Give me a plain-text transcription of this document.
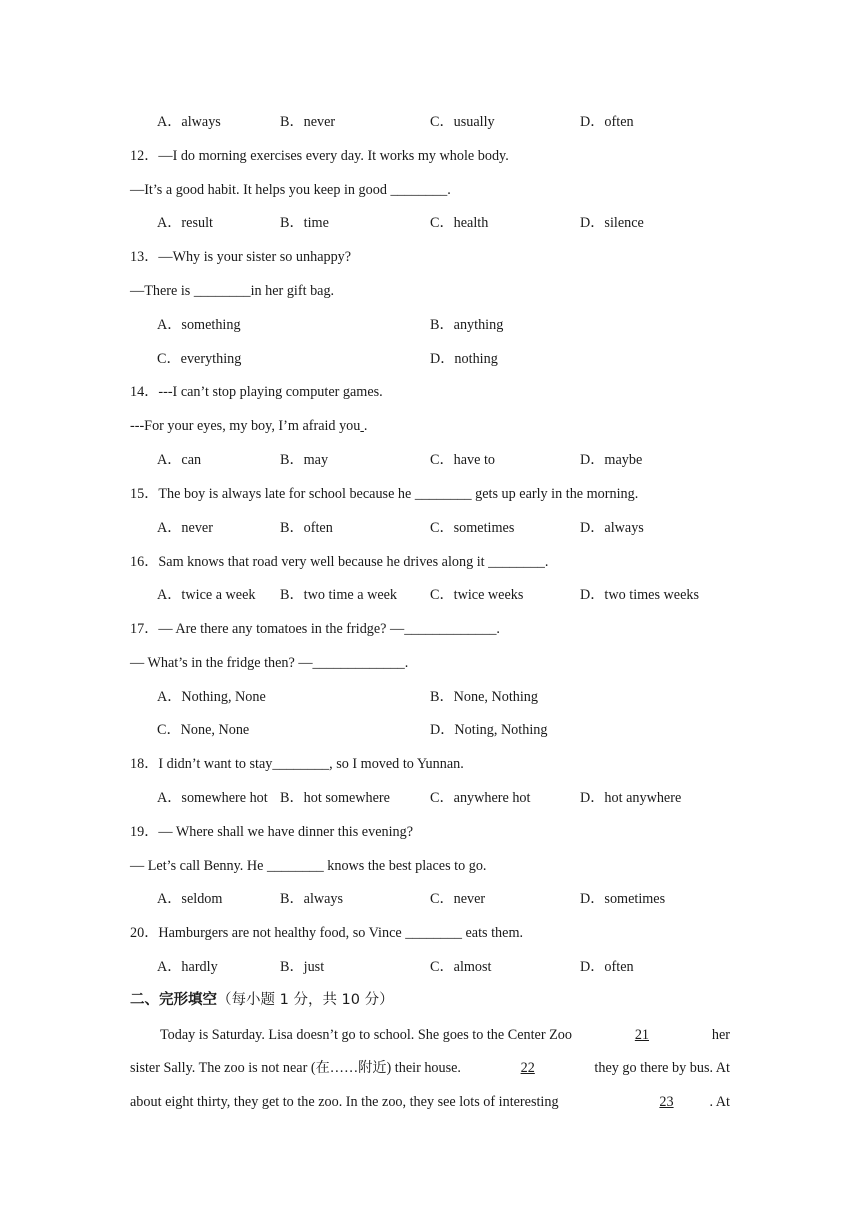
A．always	B．never	C．usually	D．often
12．—I do morning exercises every day. It works my whole body.
—It’s a good habit. It helps you keep in good ________.
A．result	B．time	C．health	D．silence
13．—Why is your sister so unhappy?
—There is ________in her gift bag.
A．something	B．anything
C．everything	D．nothing
14．---I can’t stop playing computer games.
---For your eyes, my boy, I’m afraid you .
A．can	B．may	C．have to	D．maybe
15．The boy is always late for school because he ________ gets up early in the morning.
A．never	B．often	C．sometimes	D．always
16．Sam knows that road very well because he drives along it ________.
A．twice a week B．two time a week C．twice weeks	D．two times weeks
17．— Are there any tomatoes in the fridge? —_____________.
— What’s in the fridge then? —_____________.
A．Nothing, None	B．None, Nothing
C．None, None	D．Noting, Nothing
18．I didn’t want to stay________, so I moved to Yunnan.
A．somewhere hot B．hot somewhere	C．anywhere hot	D．hot anywhere
19．— Where shall we have dinner this evening?
— Let’s call Benny. He ________ knows the best places to go.
A．seldom	B．always	C．never	D．sometimes
20．Hamburgers are not healthy food, so Vince ________ eats them.
A．hardly	B．just	C．almost	D．often
二、完形填空（每小题 1 分，共 10 分）
Today is Saturday. Lisa doesn’t go to school. She goes to the Center Zoo	21	her
sister Sally. The zoo is not near (在……附近) their house.	22	they go there by bus. At
about eight thirty, they get to the zoo. In the zoo, they see lots of interesting	23	. At
